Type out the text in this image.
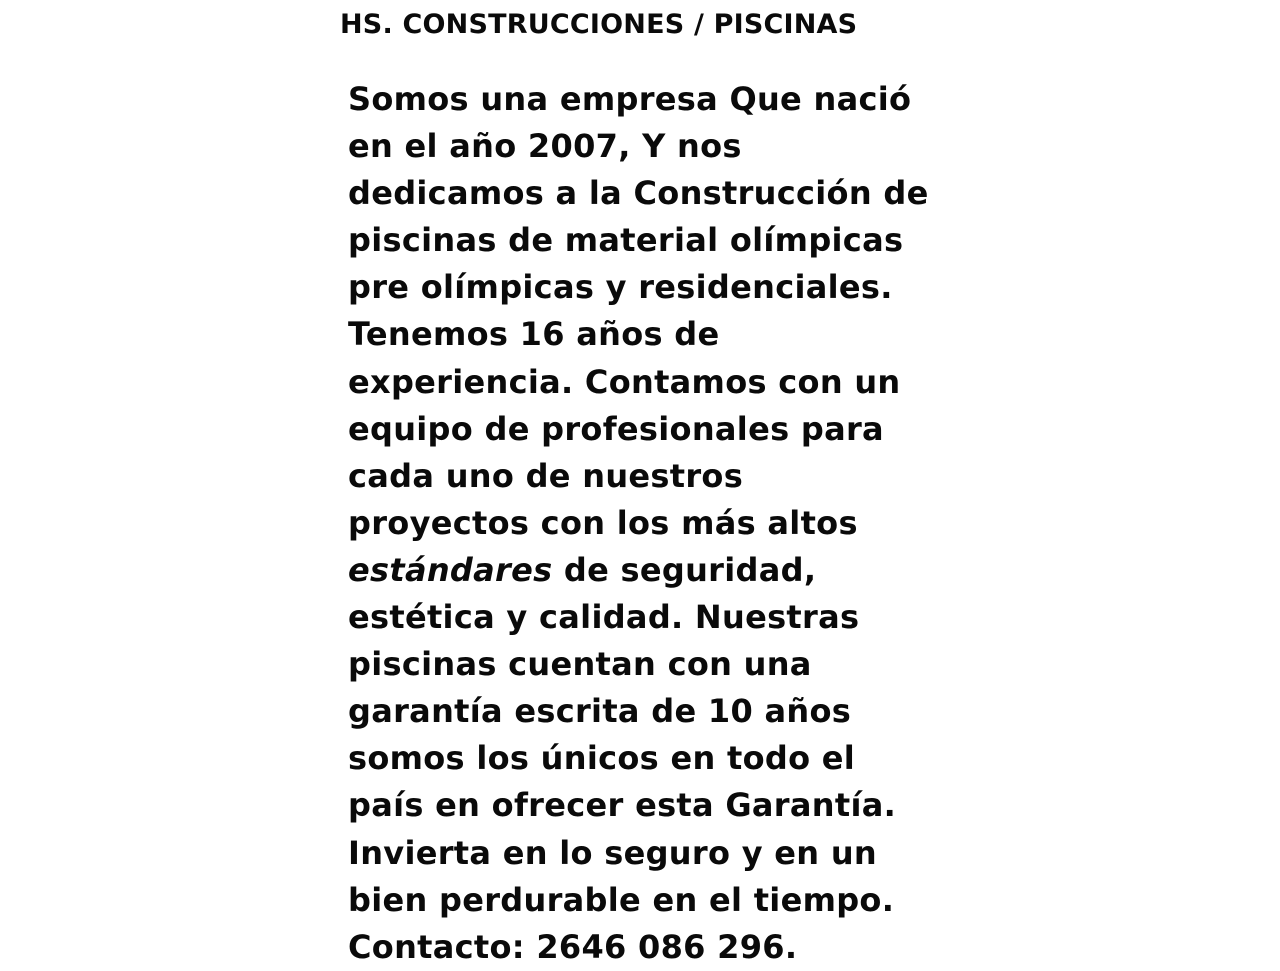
HS. CONSTRUCCIONES / PISCINAS
Somos una empresa Que nació
en el año 2007, Y nos
dedicamos a la Construcción de
piscinas de material olímpicas
pre olímpicas y residenciales.
Tenemos 16 años de
experiencia. Contamos con un
equipo de profesionales para
cada uno de nuestros
proyectos con los más altos
estándares de seguridad,
estética y calidad. Nuestras
piscinas cuentan con una
garantía escrita de 10 años
somos los únicos en todo el
país en ofrecer esta Garantía.
Invierta en lo seguro y en un
bien perdurable en el tiempo.
Contacto: 2646 086 296.
